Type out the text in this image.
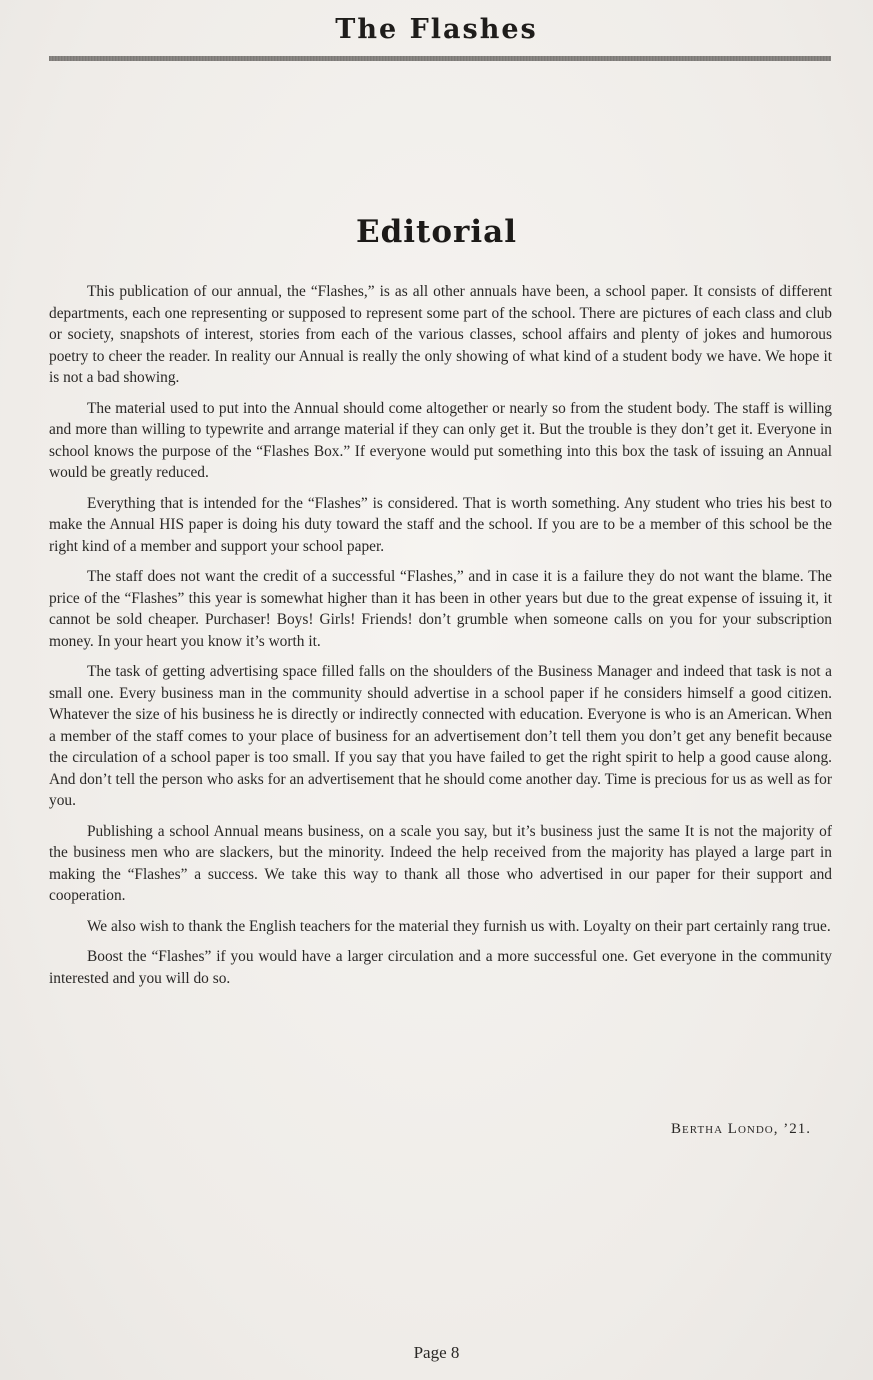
The Flashes
Editorial

This publication of our annual, the “Flashes,” is as all other annuals have been, a school paper. It consists of different departments, each one representing or supposed to represent some part of the school. There are pictures of each class and club or society, snapshots of interest, stories from each of the various classes, school affairs and plenty of jokes and humorous poetry to cheer the reader. In reality our Annual is really the only showing of what kind of a student body we have. We hope it is not a bad showing.

The material used to put into the Annual should come altogether or nearly so from the student body. The staff is willing and more than willing to typewrite and arrange material if they can only get it. But the trouble is they don’t get it. Everyone in school knows the purpose of the “Flashes Box.” If everyone would put something into this box the task of issuing an Annual would be greatly reduced.

Everything that is intended for the “Flashes” is considered. That is worth something. Any student who tries his best to make the Annual HIS paper is doing his duty toward the staff and the school. If you are to be a member of this school be the right kind of a member and support your school paper.

The staff does not want the credit of a successful “Flashes,” and in case it is a failure they do not want the blame. The price of the “Flashes” this year is somewhat higher than it has been in other years but due to the great expense of issuing it, it cannot be sold cheaper. Purchaser! Boys! Girls! Friends! don’t grumble when someone calls on you for your subscription money. In your heart you know it’s worth it.

The task of getting advertising space filled falls on the shoulders of the Business Manager and indeed that task is not a small one. Every business man in the community should advertise in a school paper if he considers himself a good citizen. Whatever the size of his business he is directly or indirectly connected with education. Everyone is who is an American. When a member of the staff comes to your place of business for an advertisement don’t tell them you don’t get any benefit because the circulation of a school paper is too small. If you say that you have failed to get the right spirit to help a good cause along. And don’t tell the person who asks for an advertisement that he should come another day. Time is precious for us as well as for you.

Publishing a school Annual means business, on a scale you say, but it’s business just the same It is not the majority of the business men who are slackers, but the minority. Indeed the help received from the majority has played a large part in making the “Flashes” a success. We take this way to thank all those who advertised in our paper for their support and cooperation.

We also wish to thank the English teachers for the material they furnish us with. Loyalty on their part certainly rang true.

Boost the “Flashes” if you would have a larger circulation and a more successful one. Get everyone in the community interested and you will do so.

Bertha Londo, ’21.
Page 8
